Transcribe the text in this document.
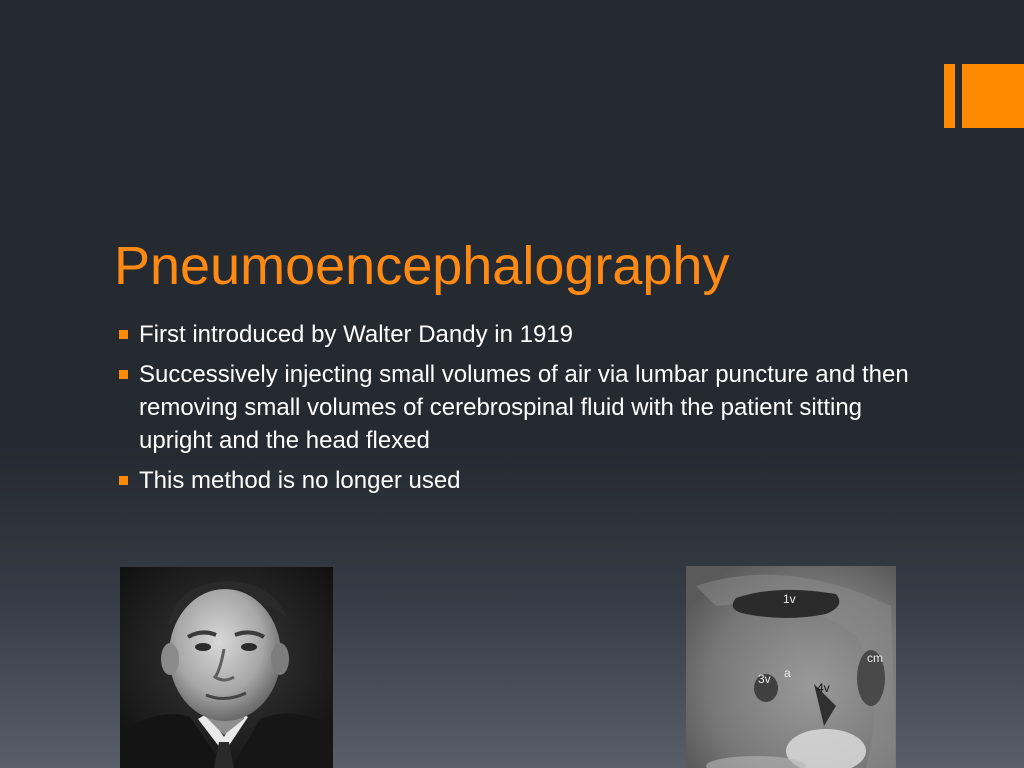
Pneumoencephalography
First introduced by Walter Dandy in 1919
Successively injecting small volumes of air via lumbar puncture and then removing small volumes of cerebrospinal fluid with the patient sitting upright and the head flexed
This method is no longer used
1v
cm
3v a
4v
